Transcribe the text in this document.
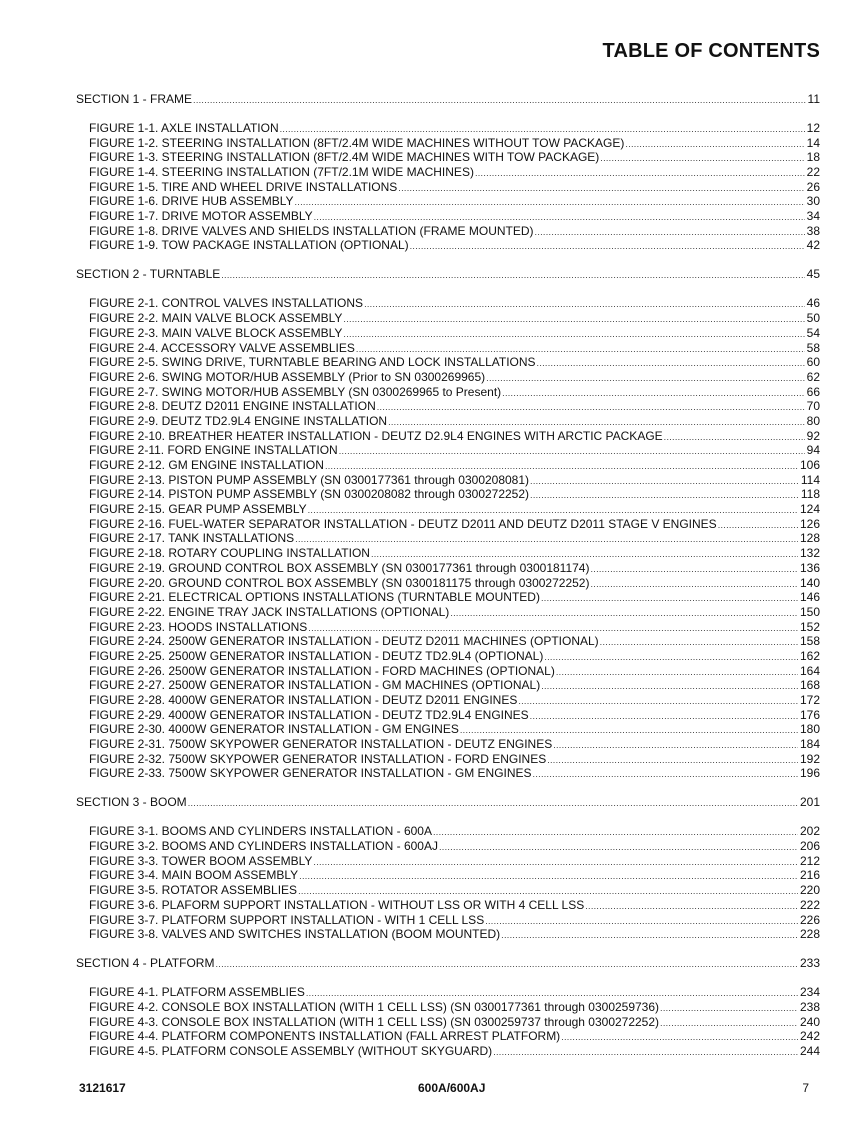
TABLE OF CONTENTS
SECTION 1 - FRAME .....	11
FIGURE 1-1. AXLE INSTALLATION .....	12
FIGURE 1-2. STEERING INSTALLATION (8FT/2.4M WIDE MACHINES WITHOUT TOW PACKAGE) .....	14
FIGURE 1-3. STEERING INSTALLATION (8FT/2.4M WIDE MACHINES WITH TOW PACKAGE) .....	18
FIGURE 1-4. STEERING INSTALLATION (7FT/2.1M WIDE MACHINES) .....	22
FIGURE 1-5. TIRE AND WHEEL DRIVE INSTALLATIONS .....	26
FIGURE 1-6. DRIVE HUB ASSEMBLY .....	30
FIGURE 1-7. DRIVE MOTOR ASSEMBLY .....	34
FIGURE 1-8. DRIVE VALVES AND SHIELDS INSTALLATION (FRAME MOUNTED) .....	38
FIGURE 1-9. TOW PACKAGE INSTALLATION (OPTIONAL) .....	42
SECTION 2 - TURNTABLE .....	45
FIGURE 2-1. CONTROL VALVES INSTALLATIONS .....	46
FIGURE 2-2. MAIN VALVE BLOCK ASSEMBLY .....	50
FIGURE 2-3. MAIN VALVE BLOCK ASSEMBLY .....	54
FIGURE 2-4. ACCESSORY VALVE ASSEMBLIES .....	58
FIGURE 2-5. SWING DRIVE, TURNTABLE BEARING AND LOCK INSTALLATIONS .....	60
FIGURE 2-6. SWING MOTOR/HUB ASSEMBLY (Prior to SN 0300269965) .....	62
FIGURE 2-7. SWING MOTOR/HUB ASSEMBLY (SN 0300269965 to Present) .....	66
FIGURE 2-8. DEUTZ D2011 ENGINE INSTALLATION .....	70
FIGURE 2-9. DEUTZ TD2.9L4 ENGINE INSTALLATION .....	80
FIGURE 2-10. BREATHER HEATER INSTALLATION - DEUTZ D2.9L4 ENGINES WITH ARCTIC PACKAGE .....	92
FIGURE 2-11. FORD ENGINE INSTALLATION .....	94
FIGURE 2-12. GM ENGINE INSTALLATION .....	106
FIGURE 2-13. PISTON PUMP ASSEMBLY (SN 0300177361 through 0300208081) .....	114
FIGURE 2-14. PISTON PUMP ASSEMBLY (SN 0300208082 through 0300272252) .....	118
FIGURE 2-15. GEAR PUMP ASSEMBLY .....	124
FIGURE 2-16. FUEL-WATER SEPARATOR INSTALLATION - DEUTZ D2011 AND DEUTZ D2011 STAGE V ENGINES .....	126
FIGURE 2-17. TANK INSTALLATIONS .....	128
FIGURE 2-18. ROTARY COUPLING INSTALLATION .....	132
FIGURE 2-19. GROUND CONTROL BOX ASSEMBLY (SN 0300177361 through 0300181174) .....	136
FIGURE 2-20. GROUND CONTROL BOX ASSEMBLY (SN 0300181175 through 0300272252) .....	140
FIGURE 2-21. ELECTRICAL OPTIONS INSTALLATIONS (TURNTABLE MOUNTED) .....	146
FIGURE 2-22. ENGINE TRAY JACK INSTALLATIONS (OPTIONAL) .....	150
FIGURE 2-23. HOODS INSTALLATIONS .....	152
FIGURE 2-24. 2500W GENERATOR INSTALLATION - DEUTZ D2011 MACHINES (OPTIONAL) .....	158
FIGURE 2-25. 2500W GENERATOR INSTALLATION - DEUTZ TD2.9L4 (OPTIONAL) .....	162
FIGURE 2-26. 2500W GENERATOR INSTALLATION - FORD MACHINES (OPTIONAL) .....	164
FIGURE 2-27. 2500W GENERATOR INSTALLATION - GM MACHINES (OPTIONAL) .....	168
FIGURE 2-28. 4000W GENERATOR INSTALLATION - DEUTZ D2011 ENGINES .....	172
FIGURE 2-29. 4000W GENERATOR INSTALLATION - DEUTZ TD2.9L4 ENGINES .....	176
FIGURE 2-30. 4000W GENERATOR INSTALLATION - GM ENGINES .....	180
FIGURE 2-31. 7500W SKYPOWER GENERATOR INSTALLATION - DEUTZ ENGINES .....	184
FIGURE 2-32. 7500W SKYPOWER GENERATOR INSTALLATION - FORD ENGINES .....	192
FIGURE 2-33. 7500W SKYPOWER GENERATOR INSTALLATION - GM ENGINES .....	196
SECTION 3 - BOOM .....	201
FIGURE 3-1. BOOMS AND CYLINDERS INSTALLATION - 600A .....	202
FIGURE 3-2. BOOMS AND CYLINDERS INSTALLATION - 600AJ .....	206
FIGURE 3-3. TOWER BOOM ASSEMBLY .....	212
FIGURE 3-4. MAIN BOOM ASSEMBLY .....	216
FIGURE 3-5. ROTATOR ASSEMBLIES .....	220
FIGURE 3-6. PLAFORM SUPPORT INSTALLATION - WITHOUT LSS OR WITH 4 CELL LSS .....	222
FIGURE 3-7. PLATFORM SUPPORT INSTALLATION - WITH 1 CELL LSS .....	226
FIGURE 3-8. VALVES AND SWITCHES INSTALLATION (BOOM MOUNTED) .....	228
SECTION 4 - PLATFORM .....	233
FIGURE 4-1. PLATFORM ASSEMBLIES .....	234
FIGURE 4-2. CONSOLE BOX INSTALLATION (WITH 1 CELL LSS) (SN 0300177361 through 0300259736) .....	238
FIGURE 4-3. CONSOLE BOX INSTALLATION (WITH 1 CELL LSS) (SN 0300259737 through 0300272252) .....	240
FIGURE 4-4. PLATFORM COMPONENTS INSTALLATION (FALL ARREST PLATFORM) .....	242
FIGURE 4-5. PLATFORM CONSOLE ASSEMBLY (WITHOUT SKYGUARD) .....	244
3121617	600A/600AJ	7
